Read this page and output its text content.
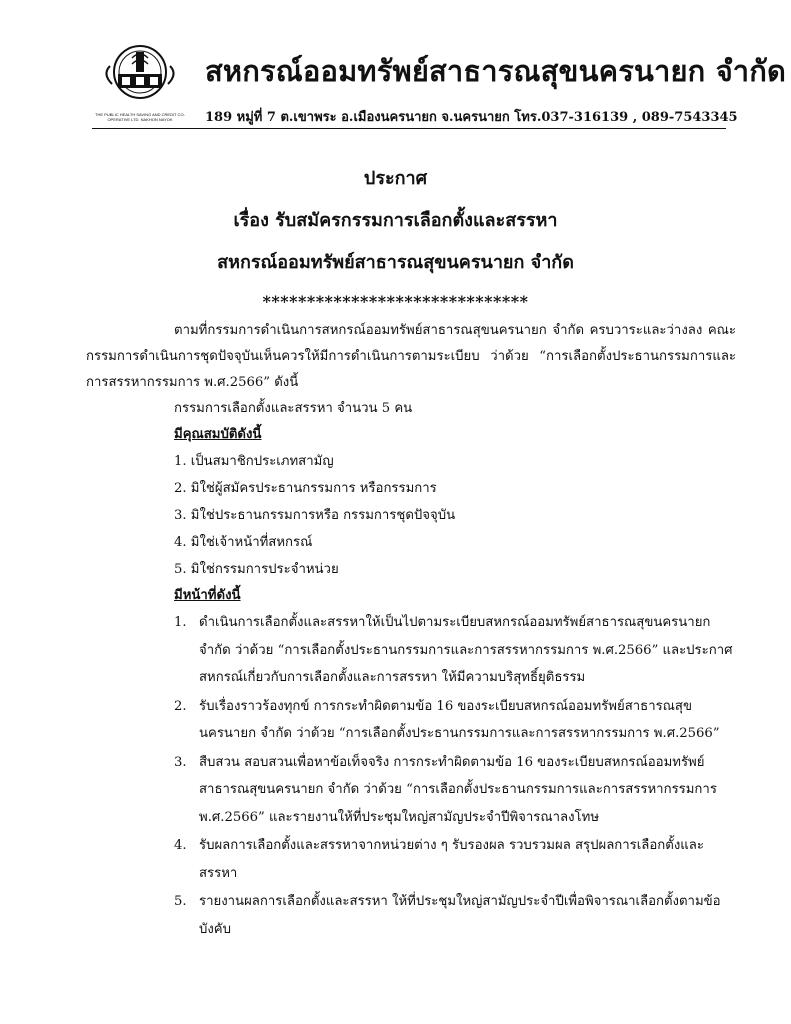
THE PUBLIC HEALTH SAVING AND CREDIT CO-OPERATIVE LTD. NAKHON NAYOK
สหกรณ์ออมทรัพย์สาธารณสุขนครนายก จำกัด
189 หมู่ที่ 7 ต.เขาพระ อ.เมืองนครนายก จ.นครนายก โทร.037-316139 , 089-7543345
ประกาศ
เรื่อง รับสมัครกรรมการเลือกตั้งและสรรหา
สหกรณ์ออมทรัพย์สาธารณสุขนครนายก จำกัด
******************************

ตามที่กรรมการดำเนินการสหกรณ์ออมทรัพย์สาธารณสุขนครนายก จำกัด ครบวาระและว่างลง คณะกรรมการดำเนินการชุดปัจจุบันเห็นควรให้มีการดำเนินการตามระเบียบ ว่าด้วย “การเลือกตั้งประธานกรรมการและการสรรหากรรมการ พ.ศ.2566” ดังนี้

กรรมการเลือกตั้งและสรรหา จำนวน 5 คน

มีคุณสมบัติดังนี้

1. เป็นสมาชิกประเภทสามัญ

2. มิใช่ผู้สมัครประธานกรรมการ หรือกรรมการ

3. มิใช่ประธานกรรมการหรือ กรรมการชุดปัจจุบัน

4. มิใช่เจ้าหน้าที่สหกรณ์

5. มิใช่กรรมการประจำหน่วย

มีหน้าที่ดังนี้

1. ดำเนินการเลือกตั้งและสรรหาให้เป็นไปตามระเบียบสหกรณ์ออมทรัพย์สาธารณสุขนครนายก จำกัด ว่าด้วย “การเลือกตั้งประธานกรรมการและการสรรหากรรมการ พ.ศ.2566” และประกาศสหกรณ์เกี่ยวกับการเลือกตั้งและการสรรหา ให้มีความบริสุทธิ์ยุติธรรม
2. รับเรื่องราวร้องทุกข์ การกระทำผิดตามข้อ 16 ของระเบียบสหกรณ์ออมทรัพย์สาธารณสุขนครนายก จำกัด ว่าด้วย “การเลือกตั้งประธานกรรมการและการสรรหากรรมการ พ.ศ.2566”
3. สืบสวน สอบสวนเพื่อหาข้อเท็จจริง การกระทำผิดตามข้อ 16 ของระเบียบสหกรณ์ออมทรัพย์สาธารณสุขนครนายก จำกัด ว่าด้วย “การเลือกตั้งประธานกรรมการและการสรรหากรรมการ พ.ศ.2566” และรายงานให้ที่ประชุมใหญ่สามัญประจำปีพิจารณาลงโทษ
4. รับผลการเลือกตั้งและสรรหาจากหน่วยต่าง ๆ รับรองผล รวบรวมผล สรุปผลการเลือกตั้งและสรรหา
5. รายงานผลการเลือกตั้งและสรรหา ให้ที่ประชุมใหญ่สามัญประจำปีเพื่อพิจารณาเลือกตั้งตามข้อบังคับ
